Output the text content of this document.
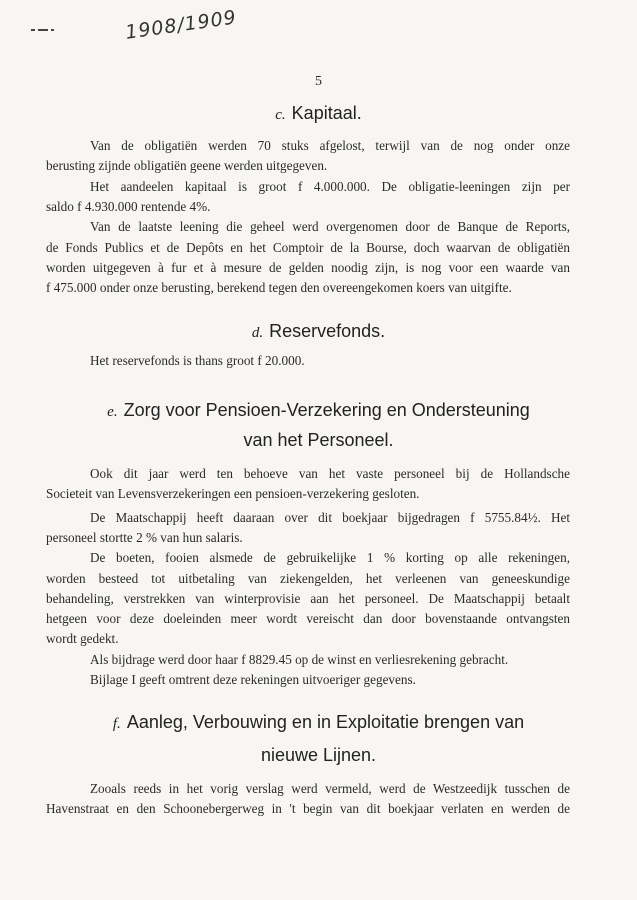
1908/1909
5
c. Kapitaal.
Van de obligatiën werden 70 stuks afgelost, terwijl van de nog onder onze
berusting zijnde obligatiën geene werden uitgegeven.
Het aandeelen kapitaal is groot f 4.000.000. De obligatie-leeningen zijn per
saldo f 4.930.000 rentende 4%.
Van de laatste leening die geheel werd overgenomen door de Banque de Reports,
de Fonds Publics et de Depôts en het Comptoir de la Bourse, doch waarvan de obligatiën
worden uitgegeven à fur et à mesure de gelden noodig zijn, is nog voor een waarde van
f 475.000 onder onze berusting, berekend tegen den overeengekomen koers van uitgifte.
d. Reservefonds.
Het reservefonds is thans groot f 20.000.
e. Zorg voor Pensioen-Verzekering en Ondersteuning
van het Personeel.
Ook dit jaar werd ten behoeve van het vaste personeel bij de Hollandsche
Societeit van Levensverzekeringen een pensioen-verzekering gesloten.
De Maatschappij heeft daaraan over dit boekjaar bijgedragen f 5755.84½. Het
personeel stortte 2 % van hun salaris.
De boeten, fooien alsmede de gebruikelijke 1 % korting op alle rekeningen,
worden besteed tot uitbetaling van ziekengelden, het verleenen van geneeskundige
behandeling, verstrekken van winterprovisie aan het personeel. De Maatschappij betaalt
hetgeen voor deze doeleinden meer wordt vereischt dan door bovenstaande ontvangsten
wordt gedekt.
Als bijdrage werd door haar f 8829.45 op de winst en verliesrekening gebracht.
Bijlage I geeft omtrent deze rekeningen uitvoeriger gegevens.
f. Aanleg, Verbouwing en in Exploitatie brengen van
nieuwe Lijnen.
Zooals reeds in het vorig verslag werd vermeld, werd de Westzeedijk tusschen de
Havenstraat en den Schoonebergerweg in 't begin van dit boekjaar verlaten en werden de
